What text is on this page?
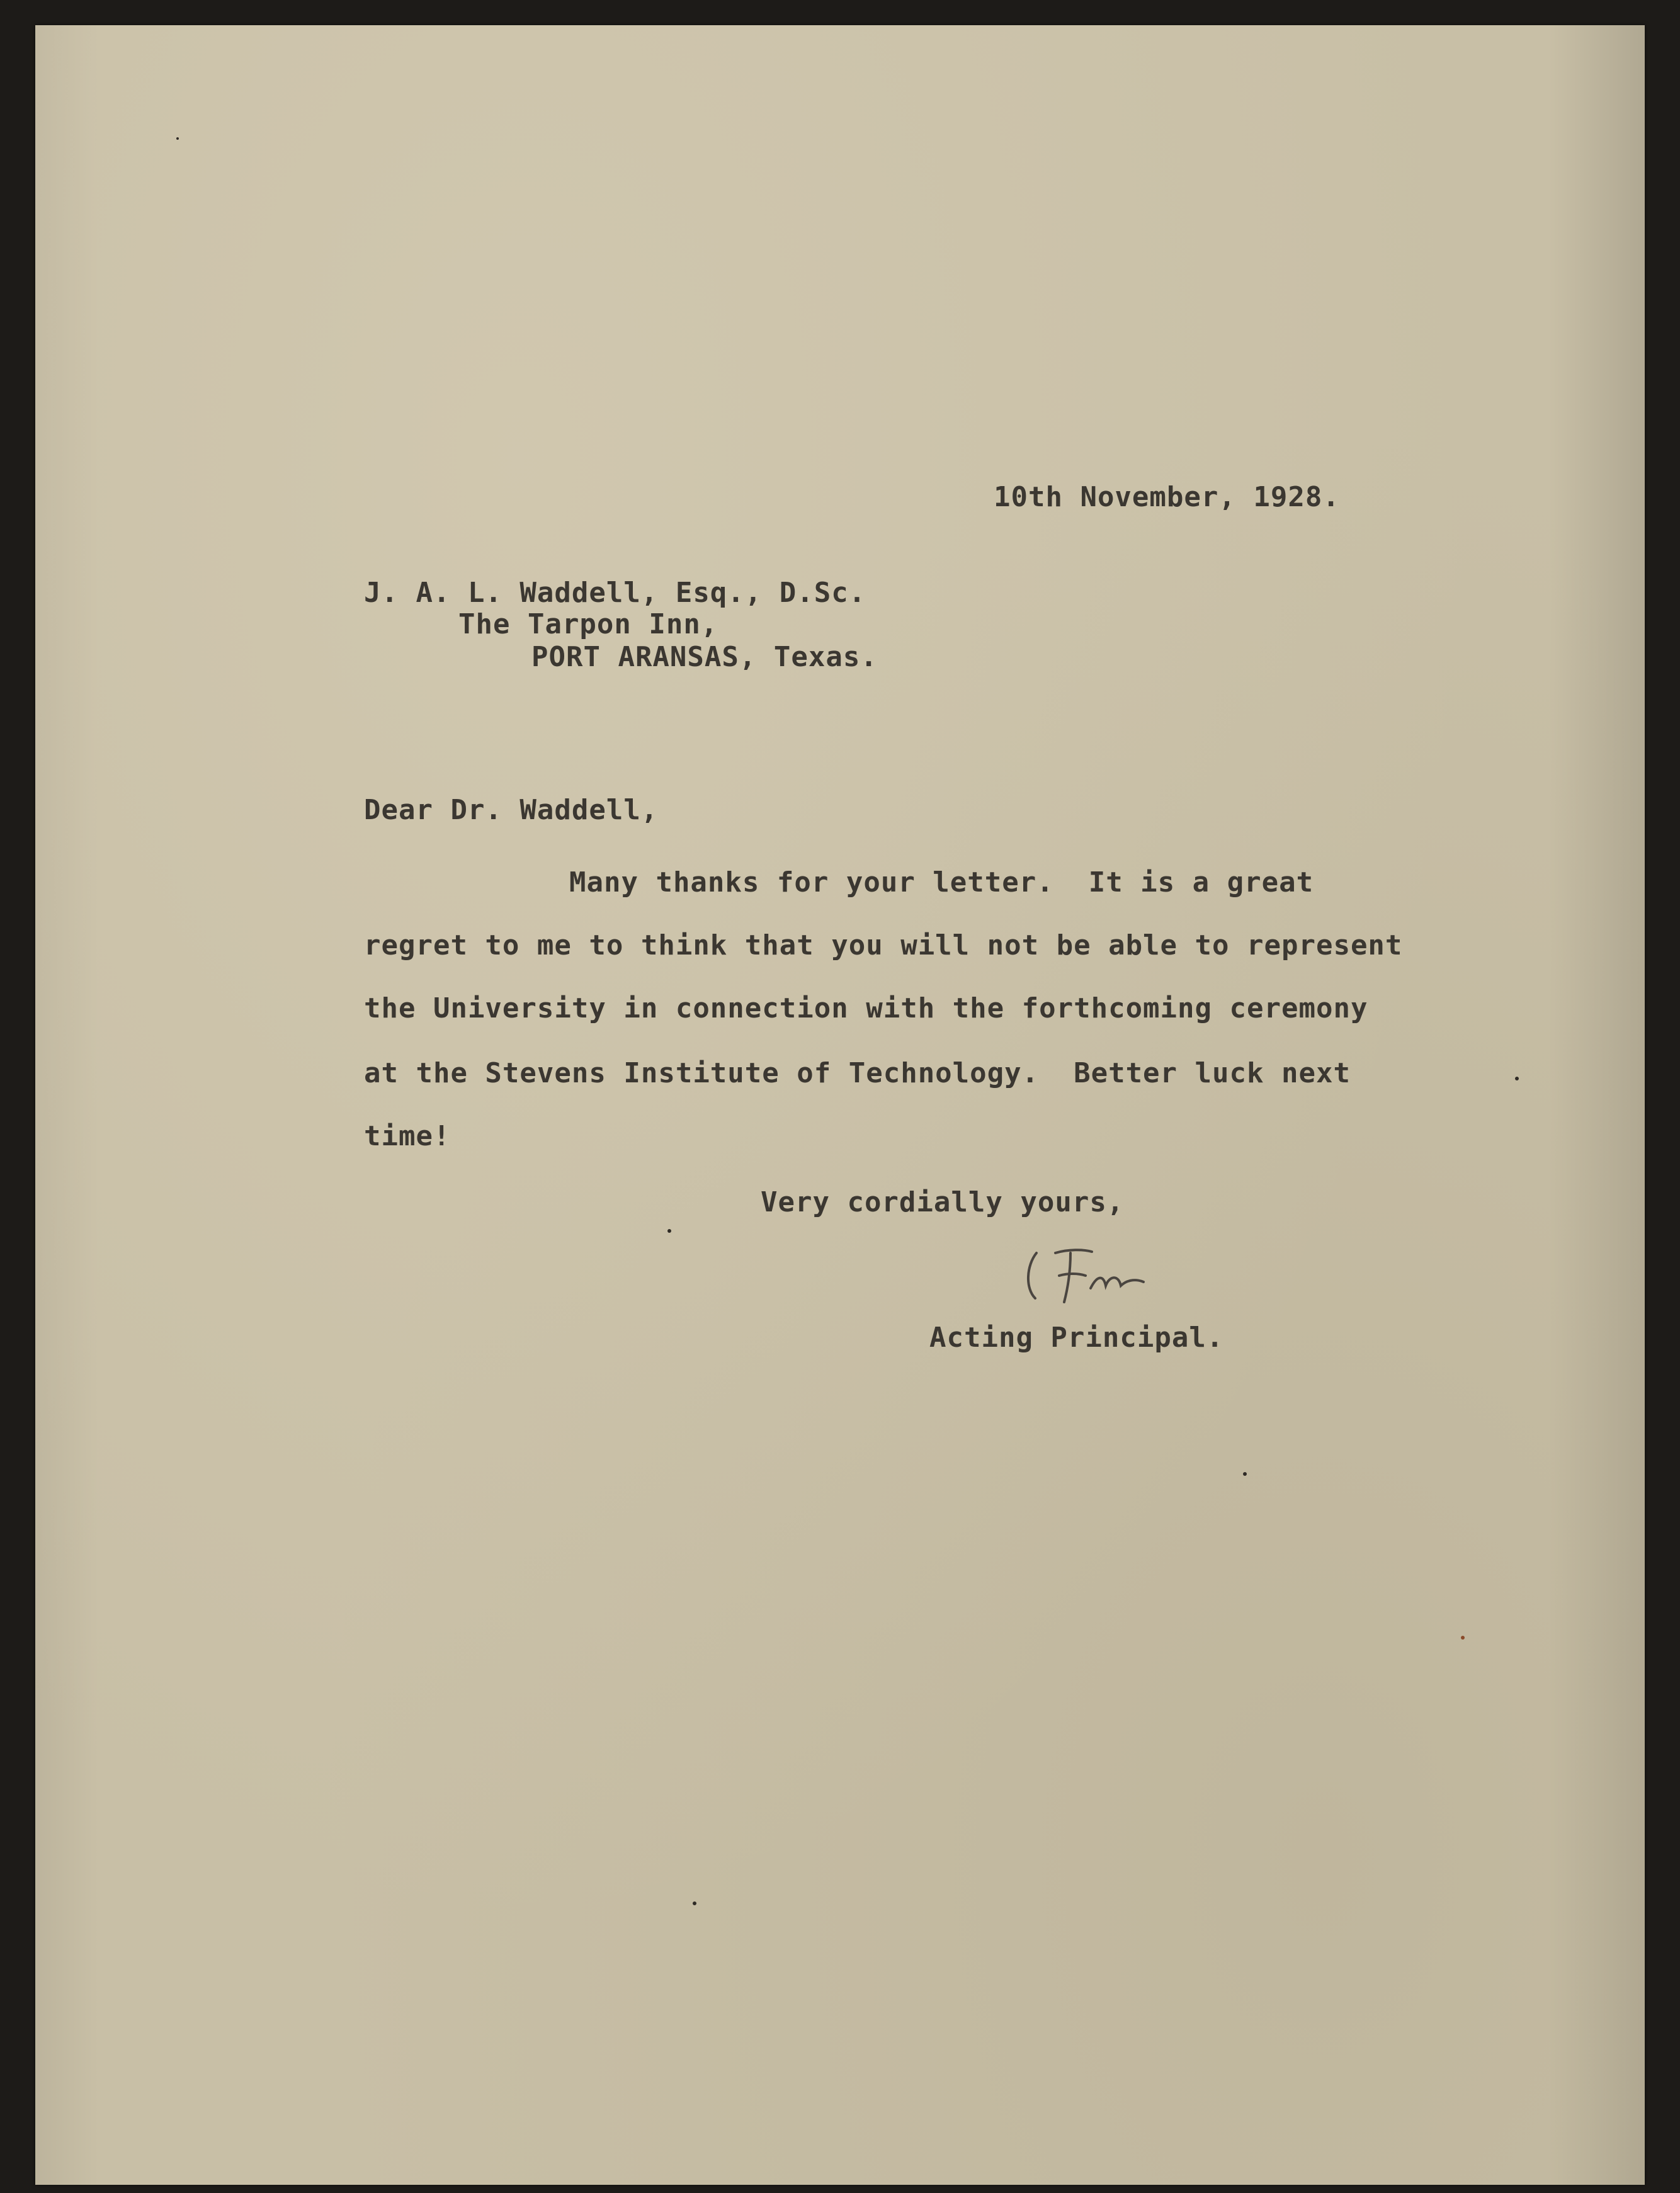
10th November, 1928.
J. A. L. Waddell, Esq., D.Sc.
The Tarpon Inn,
PORT ARANSAS, Texas.
Dear Dr. Waddell,
Many thanks for your letter.  It is a great
regret to me to think that you will not be able to represent
the University in connection with the forthcoming ceremony
at the Stevens Institute of Technology.  Better luck next
time!
Very cordially yours,
Acting Principal.
